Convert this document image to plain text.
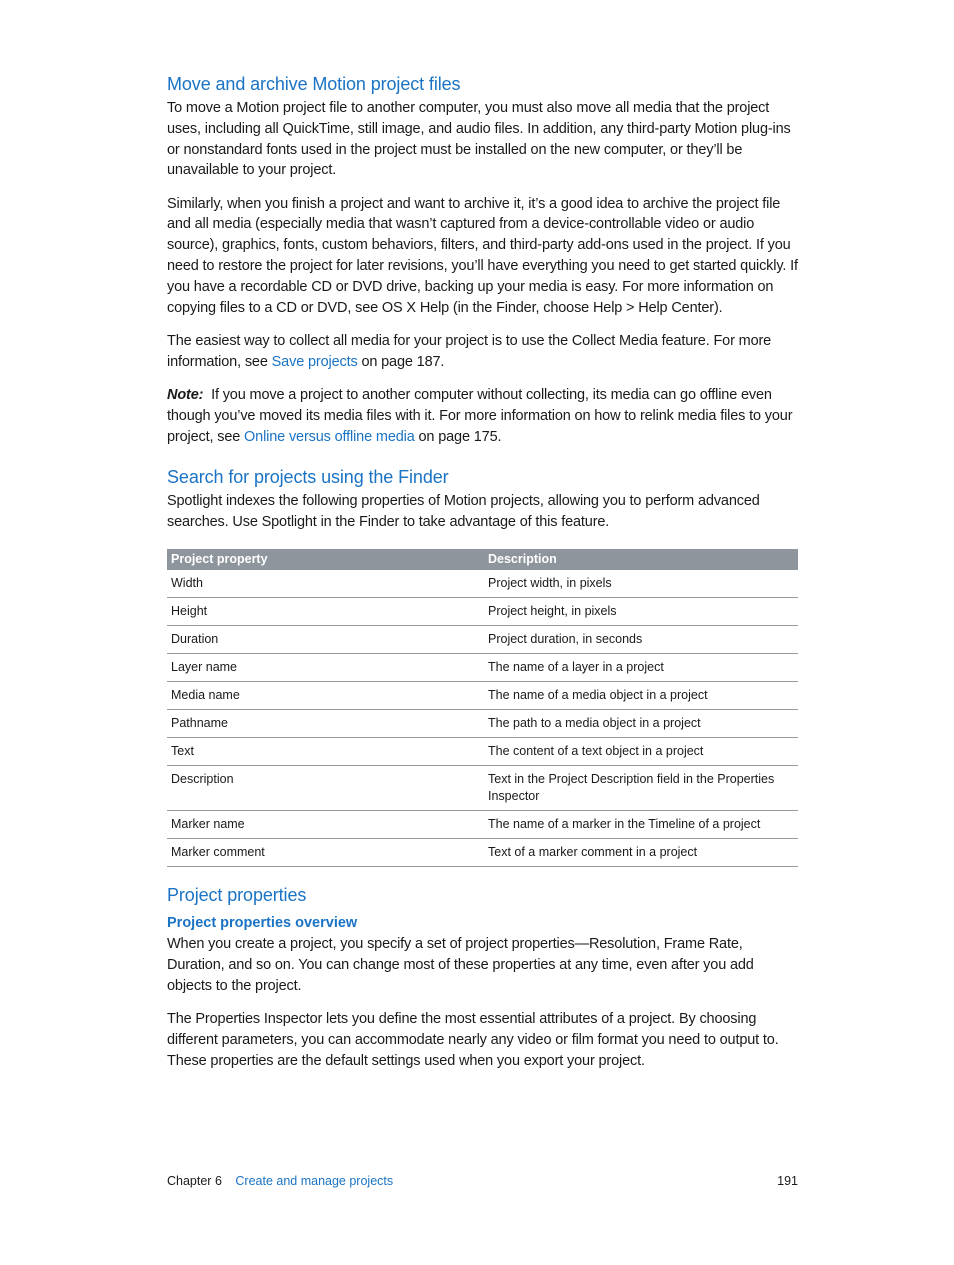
Move and archive Motion project files

To move a Motion project file to another computer, you must also move all media that the project uses, including all QuickTime, still image, and audio files. In addition, any third-party Motion plug-ins or nonstandard fonts used in the project must be installed on the new computer, or they’ll be unavailable to your project.

Similarly, when you finish a project and want to archive it, it’s a good idea to archive the project file and all media (especially media that wasn’t captured from a device-controllable video or audio source), graphics, fonts, custom behaviors, filters, and third-party add-ons used in the project. If you need to restore the project for later revisions, you’ll have everything you need to get started quickly. If you have a recordable CD or DVD drive, backing up your media is easy. For more information on copying files to a CD or DVD, see OS X Help (in the Finder, choose Help > Help Center).

The easiest way to collect all media for your project is to use the Collect Media feature. For more information, see Save projects on page 187.

Note:  If you move a project to another computer without collecting, its media can go offline even though you’ve moved its media files with it. For more information on how to relink media files to your project, see Online versus offline media on page 175.

Search for projects using the Finder

Spotlight indexes the following properties of Motion projects, allowing you to perform advanced searches. Use Spotlight in the Finder to take advantage of this feature.

Project property	Description
Width	Project width, in pixels
Height	Project height, in pixels
Duration	Project duration, in seconds
Layer name	The name of a layer in a project
Media name	The name of a media object in a project
Pathname	The path to a media object in a project
Text	The content of a text object in a project
Description	Text in the Project Description field in the Properties Inspector
Marker name	The name of a marker in the Timeline of a project
Marker comment	Text of a marker comment in a project
Project properties
Project properties overview

When you create a project, you specify a set of project properties—Resolution, Frame Rate, Duration, and so on. You can change most of these properties at any time, even after you add objects to the project.

The Properties Inspector lets you define the most essential attributes of a project. By choosing different parameters, you can accommodate nearly any video or film format you need to output to. These properties are the default settings used when you export your project.

Chapter 6 Create and manage projects	191
